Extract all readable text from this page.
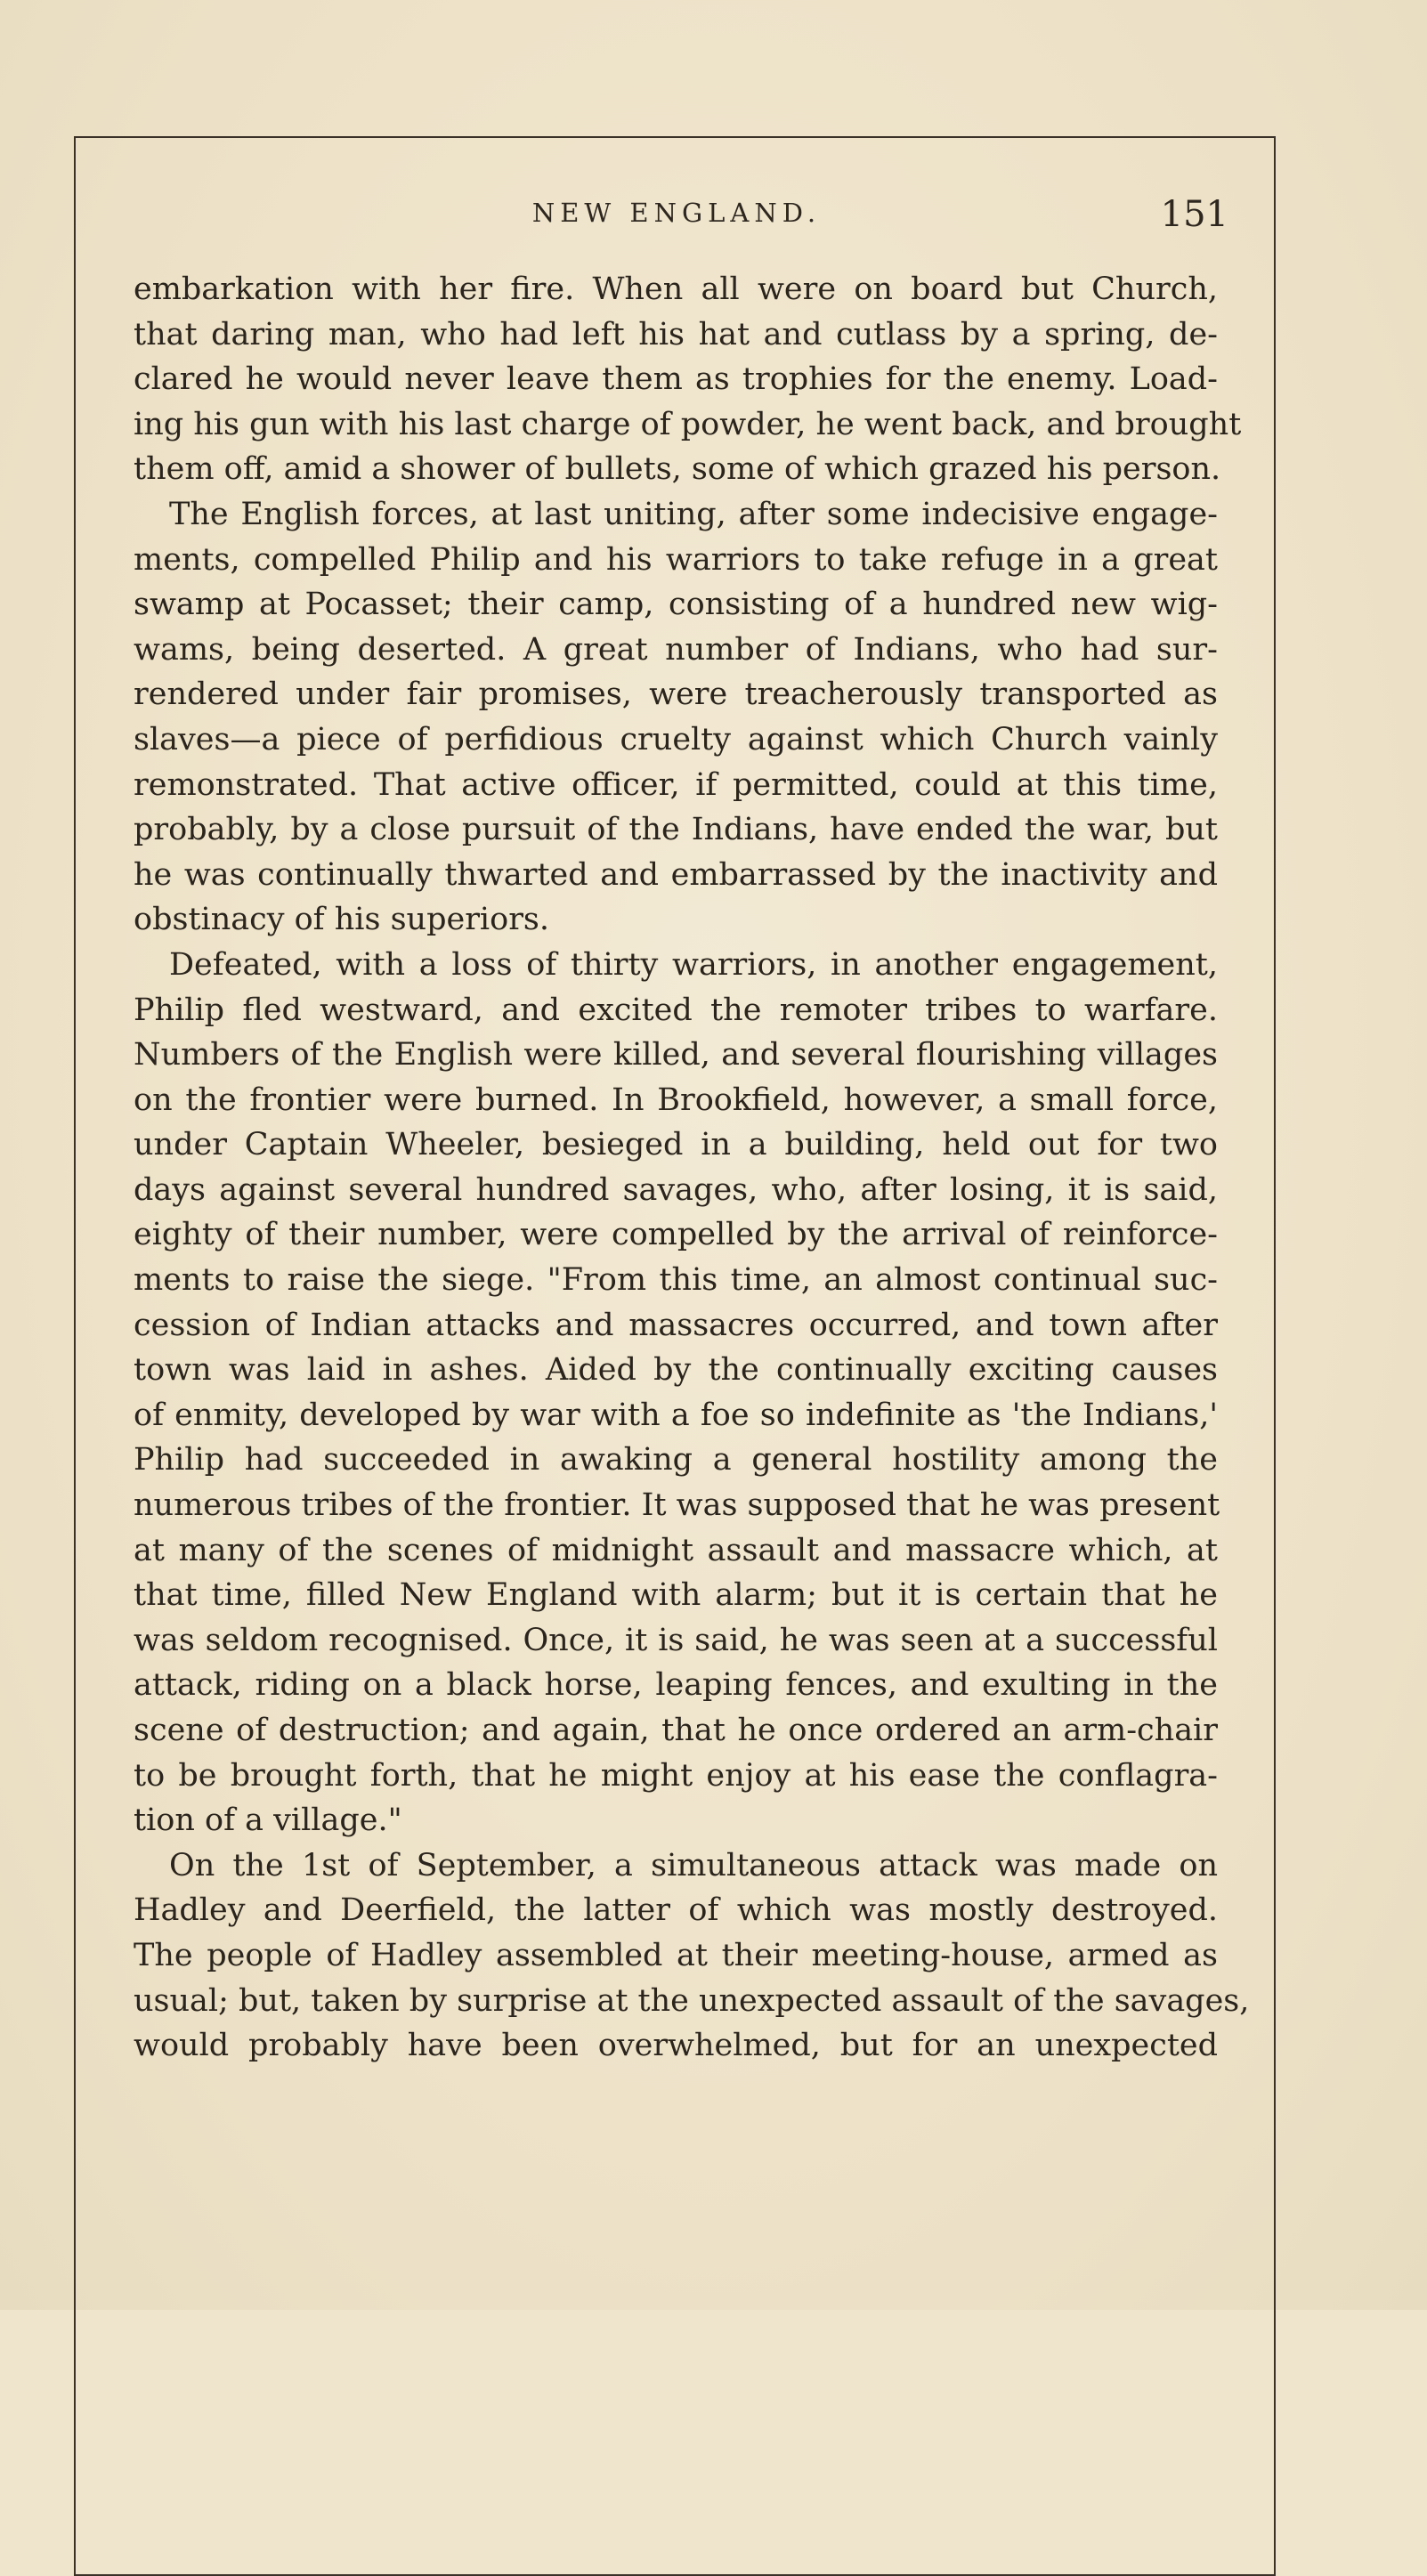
NEW ENGLAND.	151
embarkation with her fire. When all were on board but Church,
that daring man, who had left his hat and cutlass by a spring, de-
clared he would never leave them as trophies for the enemy. Load-
ing his gun with his last charge of powder, he went back, and brought
them off, amid a shower of bullets, some of which grazed his person.
The English forces, at last uniting, after some indecisive engage-
ments, compelled Philip and his warriors to take refuge in a great
swamp at Pocasset; their camp, consisting of a hundred new wig-
wams, being deserted. A great number of Indians, who had sur-
rendered under fair promises, were treacherously transported as
slaves—a piece of perfidious cruelty against which Church vainly
remonstrated. That active officer, if permitted, could at this time,
probably, by a close pursuit of the Indians, have ended the war, but
he was continually thwarted and embarrassed by the inactivity and
obstinacy of his superiors.
Defeated, with a loss of thirty warriors, in another engagement,
Philip fled westward, and excited the remoter tribes to warfare.
Numbers of the English were killed, and several flourishing villages
on the frontier were burned. In Brookfield, however, a small force,
under Captain Wheeler, besieged in a building, held out for two
days against several hundred savages, who, after losing, it is said,
eighty of their number, were compelled by the arrival of reinforce-
ments to raise the siege. "From this time, an almost continual suc-
cession of Indian attacks and massacres occurred, and town after
town was laid in ashes. Aided by the continually exciting causes
of enmity, developed by war with a foe so indefinite as 'the Indians,'
Philip had succeeded in awaking a general hostility among the
numerous tribes of the frontier. It was supposed that he was present
at many of the scenes of midnight assault and massacre which, at
that time, filled New England with alarm; but it is certain that he
was seldom recognised. Once, it is said, he was seen at a successful
attack, riding on a black horse, leaping fences, and exulting in the
scene of destruction; and again, that he once ordered an arm-chair
to be brought forth, that he might enjoy at his ease the conflagra-
tion of a village."
On the 1st of September, a simultaneous attack was made on
Hadley and Deerfield, the latter of which was mostly destroyed.
The people of Hadley assembled at their meeting-house, armed as
usual; but, taken by surprise at the unexpected assault of the savages,
would probably have been overwhelmed, but for an unexpected
